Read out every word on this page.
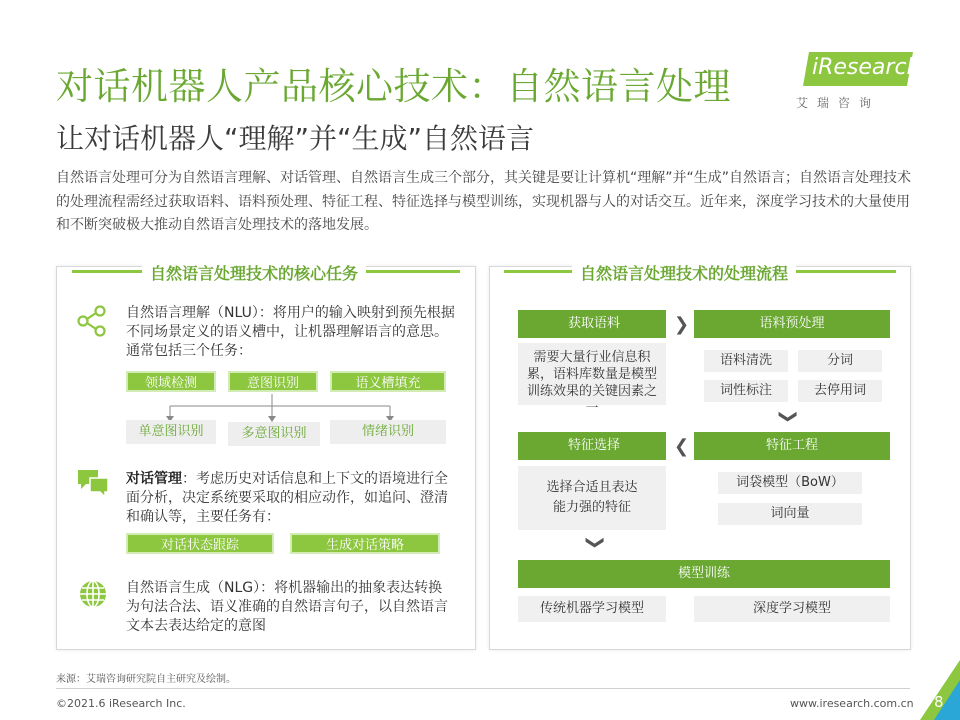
对话机器人产品核心技术：自然语言处理
让对话机器人“理解”并“生成”自然语言
自然语言处理可分为自然语言理解、对话管理、自然语言生成三个部分，其关键是要让计算机“理解”并“生成”自然语言；自然语言处理技术的处理流程需经过获取语料、语料预处理、特征工程、特征选择与模型训练，实现机器与人的对话交互。近年来，深度学习技术的大量使用和不断突破极大推动自然语言处理技术的落地发展。
iResearch
艾瑞咨询
自然语言处理技术的核心任务
自然语言理解（NLU）：将用户的输入映射到预先根据不同场景定义的语义槽中，让机器理解语言的意思。通常包括三个任务：
领域检测	意图识别	语义槽填充
单意图识别	多意图识别	情绪识别
对话管理：考虑历史对话信息和上下文的语境进行全面分析，决定系统要采取的相应动作，如追问、澄清和确认等，主要任务有：
对话状态跟踪	生成对话策略
自然语言生成（NLG）：将机器输出的抽象表达转换为句法合法、语义准确的自然语言句子，以自然语言文本去表达给定的意图
自然语言处理技术的处理流程
获取语料
需要大量行业信息积累，语料库数量是模型训练效果的关键因素之一
❯	语料预处理
语料清洗	分词
词性标注	去停用词
❯
特征工程
词袋模型（BoW）
词向量
❮
特征选择
选择合适且表达能力强的特征
❯
模型训练
传统机器学习模型	深度学习模型
来源：艾瑞咨询研究院自主研究及绘制。
©2021.6 iResearch Inc.	www.iresearch.com.cn 8
